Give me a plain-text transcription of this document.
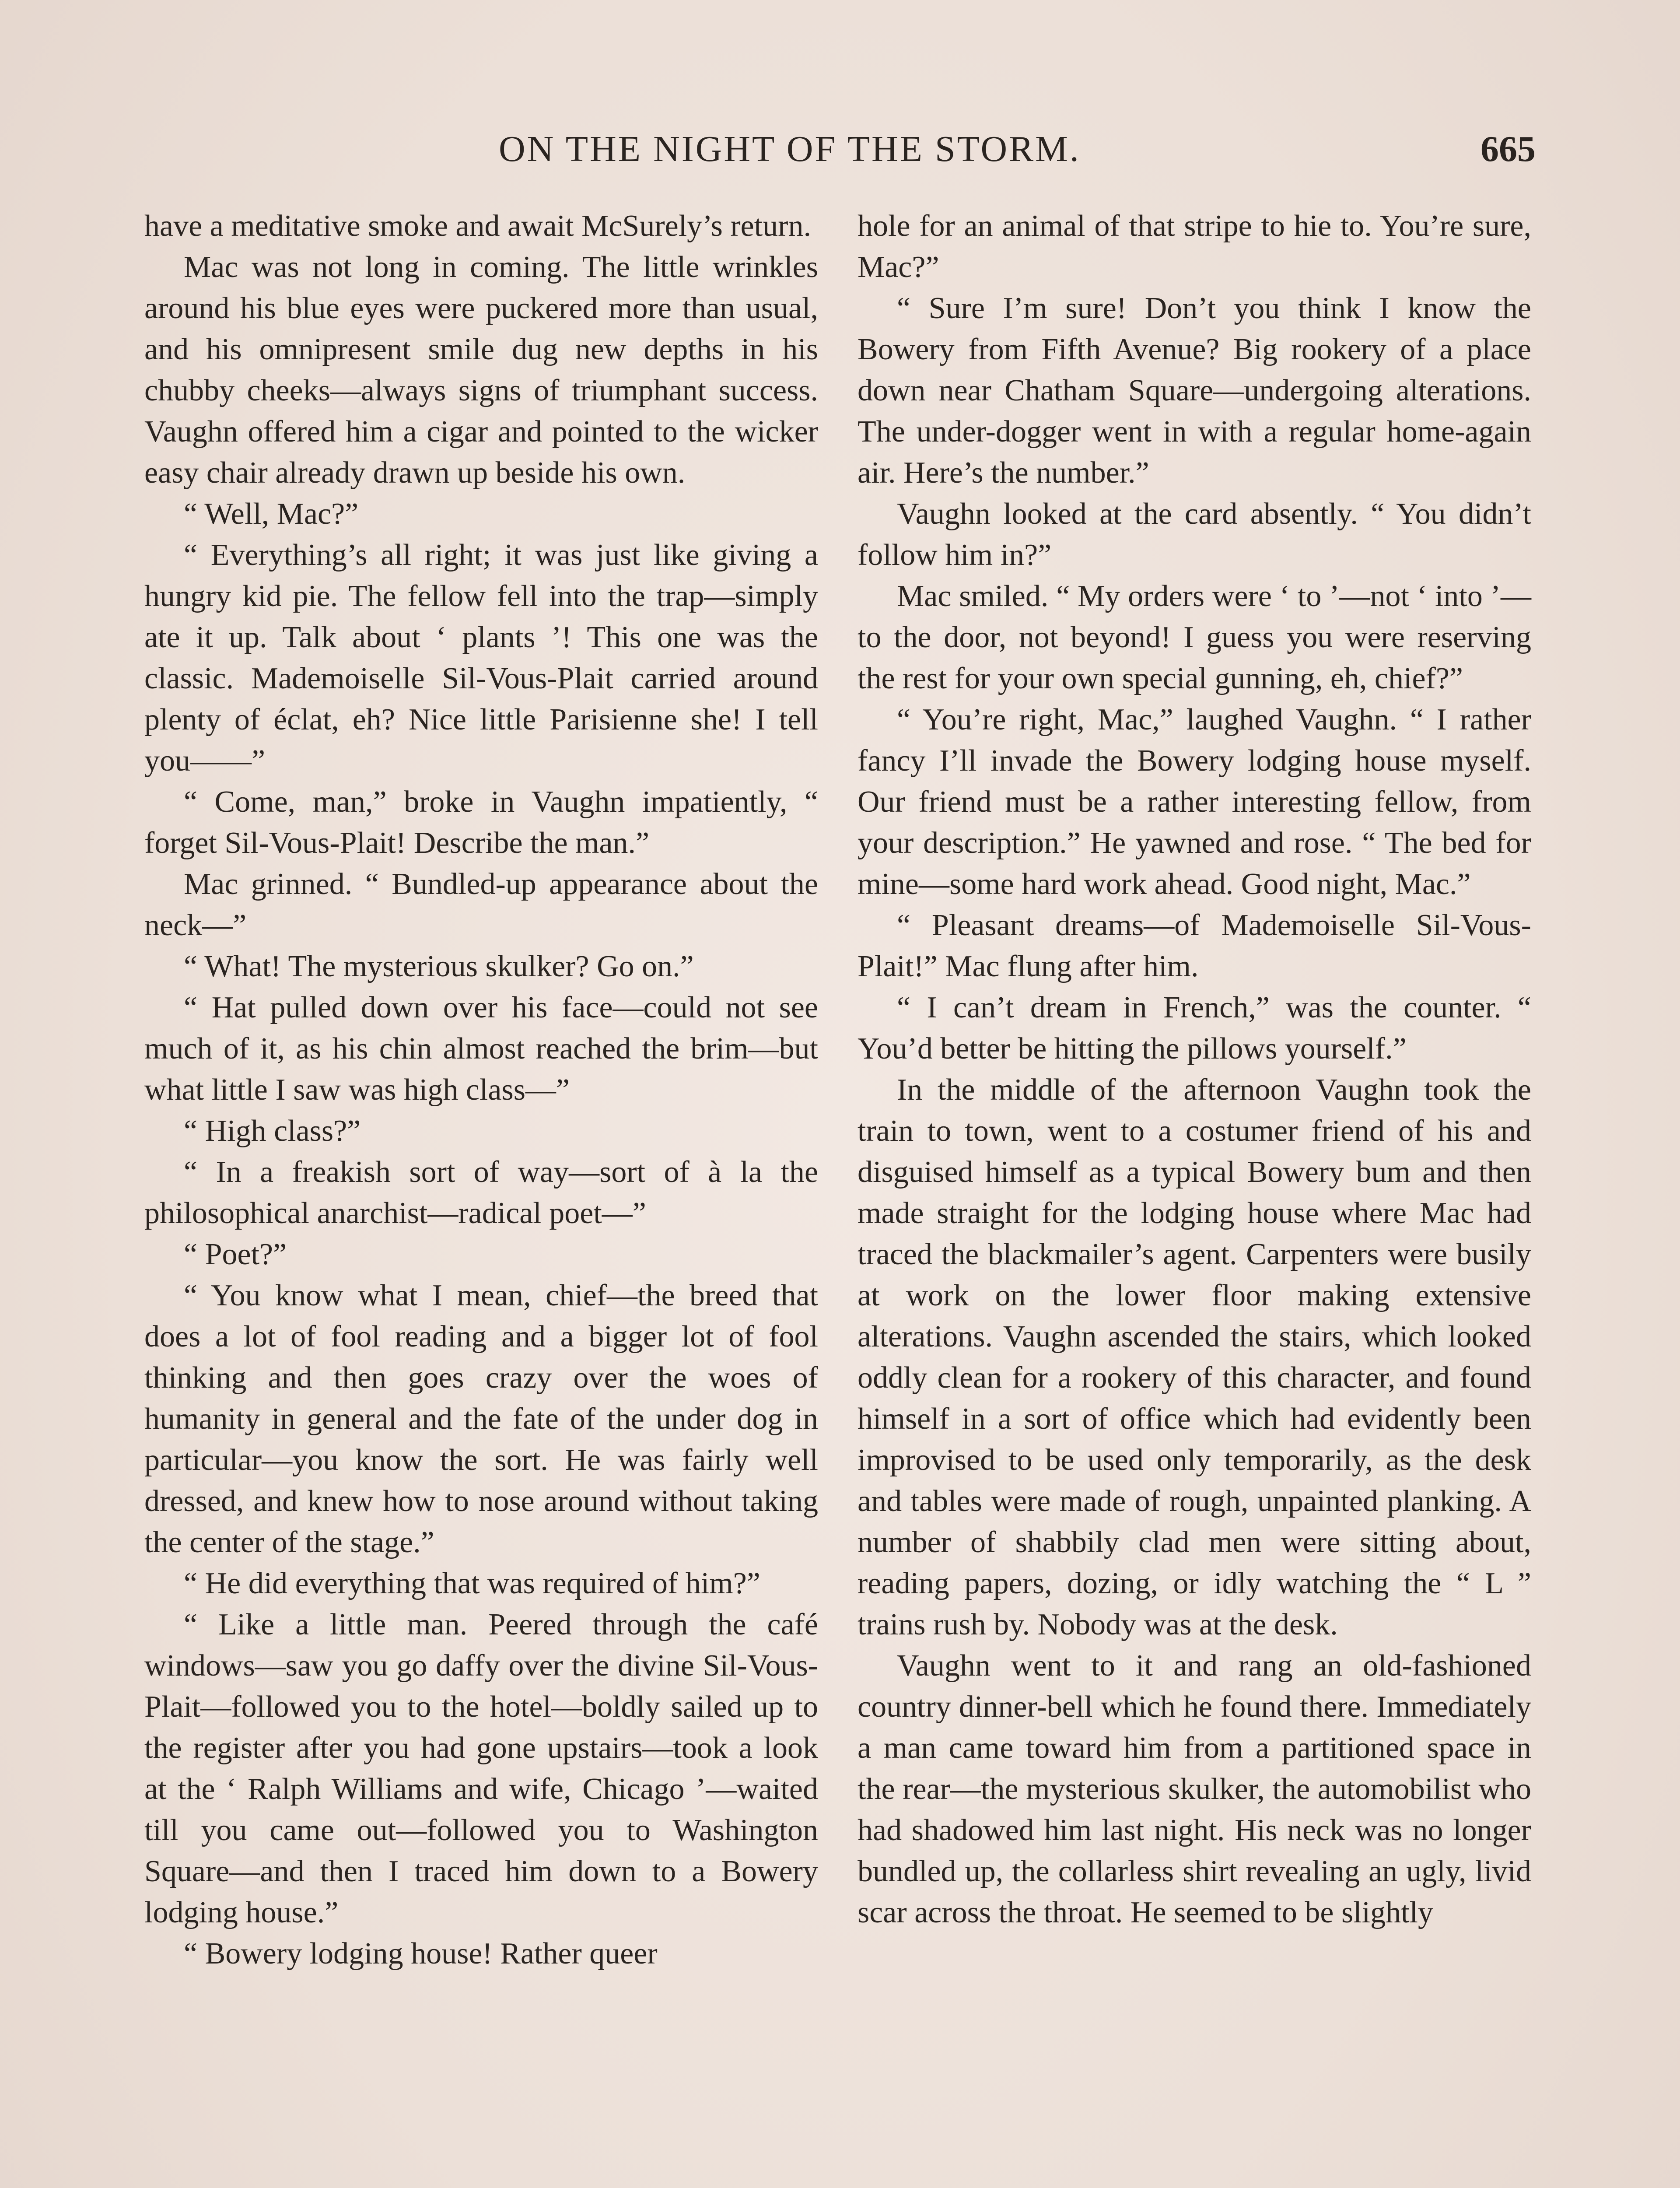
ON THE NIGHT OF THE STORM.	665

have a meditative smoke and await McSurely’s return.

Mac was not long in coming. The little wrinkles around his blue eyes were puckered more than usual, and his omnipresent smile dug new depths in his chubby cheeks—always signs of triumphant success. Vaughn offered him a cigar and pointed to the wicker easy chair already drawn up beside his own.

“ Well, Mac?”

“ Everything’s all right; it was just like giving a hungry kid pie. The fellow fell into the trap—simply ate it up. Talk about ‘ plants ’! This one was the classic. Mademoiselle Sil-Vous-Plait carried around plenty of éclat, eh? Nice little Parisienne she! I tell you——”

“ Come, man,” broke in Vaughn impatiently, “ forget Sil-Vous-Plait! Describe the man.”

Mac grinned. “ Bundled-up appearance about the neck—”

“ What! The mysterious skulker? Go on.”

“ Hat pulled down over his face—could not see much of it, as his chin almost reached the brim—but what little I saw was high class—”

“ High class?”

“ In a freakish sort of way—sort of à la the philosophical anarchist—radical poet—”

“ Poet?”

“ You know what I mean, chief—the breed that does a lot of fool reading and a bigger lot of fool thinking and then goes crazy over the woes of humanity in general and the fate of the under dog in particular—you know the sort. He was fairly well dressed, and knew how to nose around without taking the center of the stage.”

“ He did everything that was required of him?”

“ Like a little man. Peered through the café windows—saw you go daffy over the divine Sil-Vous-Plait—followed you to the hotel—boldly sailed up to the register after you had gone upstairs—took a look at the ‘ Ralph Williams and wife, Chicago ’—waited till you came out—followed you to Washington Square—and then I traced him down to a Bowery lodging house.”

“ Bowery lodging house! Rather queer

hole for an animal of that stripe to hie to. You’re sure, Mac?”

“ Sure I’m sure! Don’t you think I know the Bowery from Fifth Avenue? Big rookery of a place down near Chatham Square—undergoing alterations. The under-dogger went in with a regular home-again air. Here’s the number.”

Vaughn looked at the card absently. “ You didn’t follow him in?”

Mac smiled. “ My orders were ‘ to ’—not ‘ into ’—to the door, not beyond! I guess you were reserving the rest for your own special gunning, eh, chief?”

“ You’re right, Mac,” laughed Vaughn. “ I rather fancy I’ll invade the Bowery lodging house myself. Our friend must be a rather interesting fellow, from your description.” He yawned and rose. “ The bed for mine—some hard work ahead. Good night, Mac.”

“ Pleasant dreams—of Mademoiselle Sil-Vous-Plait!” Mac flung after him.

“ I can’t dream in French,” was the counter. “ You’d better be hitting the pillows yourself.”

In the middle of the afternoon Vaughn took the train to town, went to a costumer friend of his and disguised himself as a typical Bowery bum and then made straight for the lodging house where Mac had traced the blackmailer’s agent. Carpenters were busily at work on the lower floor making extensive alterations. Vaughn ascended the stairs, which looked oddly clean for a rookery of this character, and found himself in a sort of office which had evidently been improvised to be used only temporarily, as the desk and tables were made of rough, unpainted planking. A number of shabbily clad men were sitting about, reading papers, dozing, or idly watching the “ L ” trains rush by. Nobody was at the desk.

Vaughn went to it and rang an old-fashioned country dinner-bell which he found there. Immediately a man came toward him from a partitioned space in the rear—the mysterious skulker, the automobilist who had shadowed him last night. His neck was no longer bundled up, the collarless shirt revealing an ugly, livid scar across the throat. He seemed to be slightly
